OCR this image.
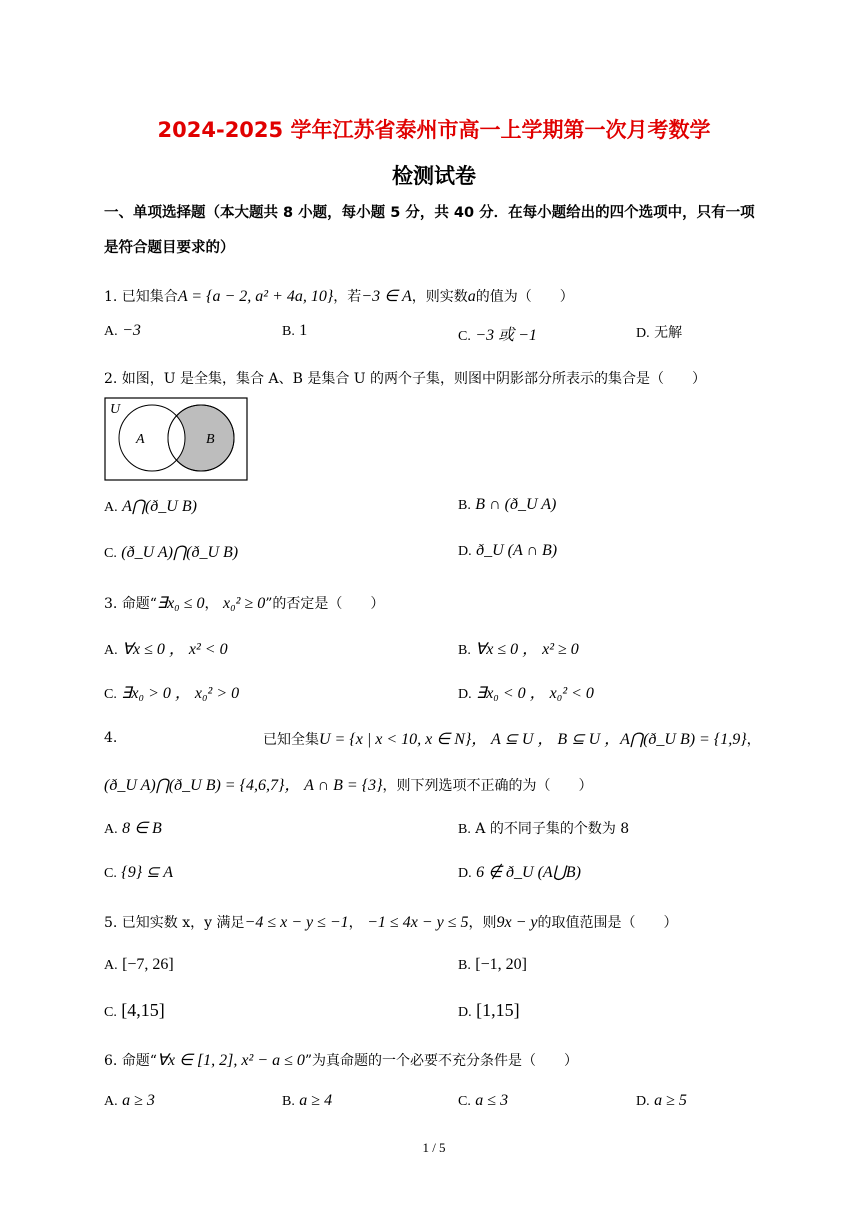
2024-2025 学年江苏省泰州市高一上学期第一次月考数学
检测试卷
一、单项选择题（本大题共 8 小题，每小题 5 分，共 40 分．在每小题给出的四个选项中，只有一项是符合题目要求的）
1. 已知集合A = {a − 2, a² + 4a, 10}，若−3 ∈ A，则实数a的值为（　　）
A. −3	B. 1	C. −3 或 −1	D. 无解
2. 如图，U 是全集，集合 A、B 是集合 U 的两个子集，则图中阴影部分所表示的集合是（　　）
U
A	B
A. A⋂(ð_U B)	B. B ∩ (ð_U A)
C. (ð_U A)⋂(ð_U B)	D. ð_U (A ∩ B)
3. 命题“∃x₀ ≤ 0， x₀² ≥ 0”的否定是（　　）
A. ∀x ≤ 0 ， x² < 0	B. ∀x ≤ 0 ， x² ≥ 0
C. ∃x₀ > 0 ， x₀² > 0	D. ∃x₀ < 0 ， x₀² < 0
4.	已知全集U = {x | x < 10, x ∈ N}， A ⊆ U ， B ⊆ U ，A⋂(ð_U B) = {1,9}，
(ð_U A)⋂(ð_U B) = {4,6,7}， A ∩ B = {3}，则下列选项不正确的为（　　）
A. 8 ∈ B	B. A 的不同子集的个数为 8
C. {9} ⊆ A	D. 6 ∉ ð_U (A⋃B)
5. 已知实数 x，y 满足−4 ≤ x − y ≤ −1， −1 ≤ 4x − y ≤ 5，则9x − y的取值范围是（　　）
A. [−7, 26]	B. [−1, 20]
C. [4,15]	D. [1,15]
6. 命题“∀x ∈ [1, 2], x² − a ≤ 0”为真命题的一个必要不充分条件是（　　）
A. a ≥ 3	B. a ≥ 4	C. a ≤ 3	D. a ≥ 5
1 / 5
